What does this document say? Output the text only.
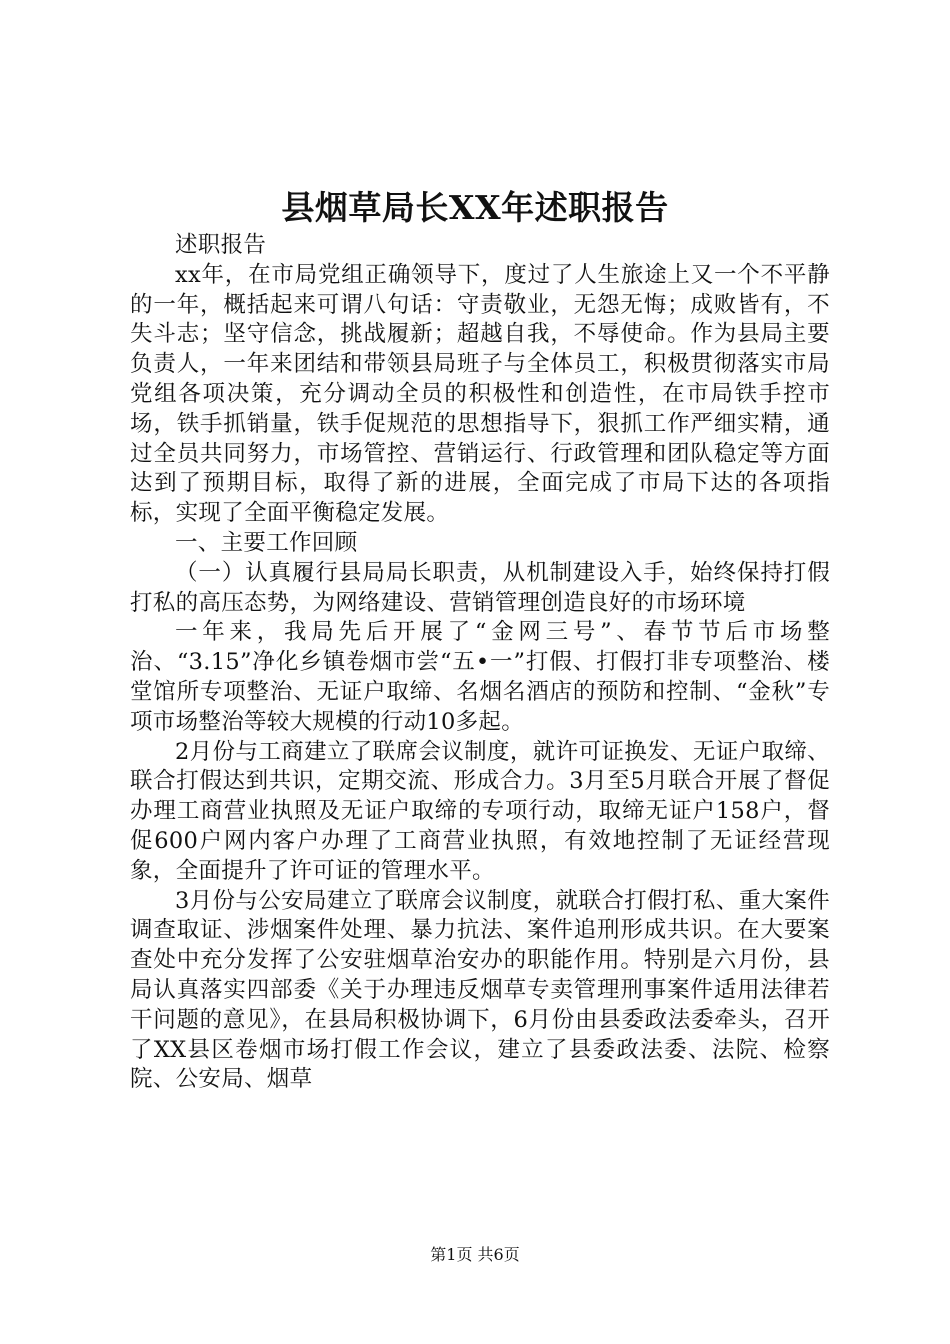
县烟草局长XX年述职报告

述职报告

xx年，在市局党组正确领导下，度过了人生旅途上又一个不平静的一年，概括起来可谓八句话：守责敬业，无怨无悔；成败皆有，不失斗志；坚守信念，挑战履新；超越自我，不辱使命。作为县局主要负责人，一年来团结和带领县局班子与全体员工，积极贯彻落实市局党组各项决策，充分调动全员的积极性和创造性，在市局铁手控市场，铁手抓销量，铁手促规范的思想指导下，狠抓工作严细实精，通过全员共同努力，市场管控、营销运行、行政管理和团队稳定等方面达到了预期目标，取得了新的进展，全面完成了市局下达的各项指标，实现了全面平衡稳定发展。

一、主要工作回顾

（一）认真履行县局局长职责，从机制建设入手，始终保持打假打私的高压态势，为网络建设、营销管理创造良好的市场环境

一年来，我局先后开展了“金网三号”、春节节后市场整治、“3.15”净化乡镇卷烟市尝“五•一”打假、打假打非专项整治、楼堂馆所专项整治、无证户取缔、名烟名酒店的预防和控制、“金秋”专项市场整治等较大规模的行动10多起。

2月份与工商建立了联席会议制度，就许可证换发、无证户取缔、联合打假达到共识，定期交流、形成合力。3月至5月联合开展了督促办理工商营业执照及无证户取缔的专项行动，取缔无证户158户，督促600户网内客户办理了工商营业执照，有效地控制了无证经营现象，全面提升了许可证的管理水平。

3月份与公安局建立了联席会议制度，就联合打假打私、重大案件调查取证、涉烟案件处理、暴力抗法、案件追刑形成共识。在大要案查处中充分发挥了公安驻烟草治安办的职能作用。特别是六月份，县局认真落实四部委《关于办理违反烟草专卖管理刑事案件适用法律若干问题的意见》，在县局积极协调下，6月份由县委政法委牵头，召开了XX县区卷烟市场打假工作会议，建立了县委政法委、法院、检察院、公安局、烟草

第1页 共6页
